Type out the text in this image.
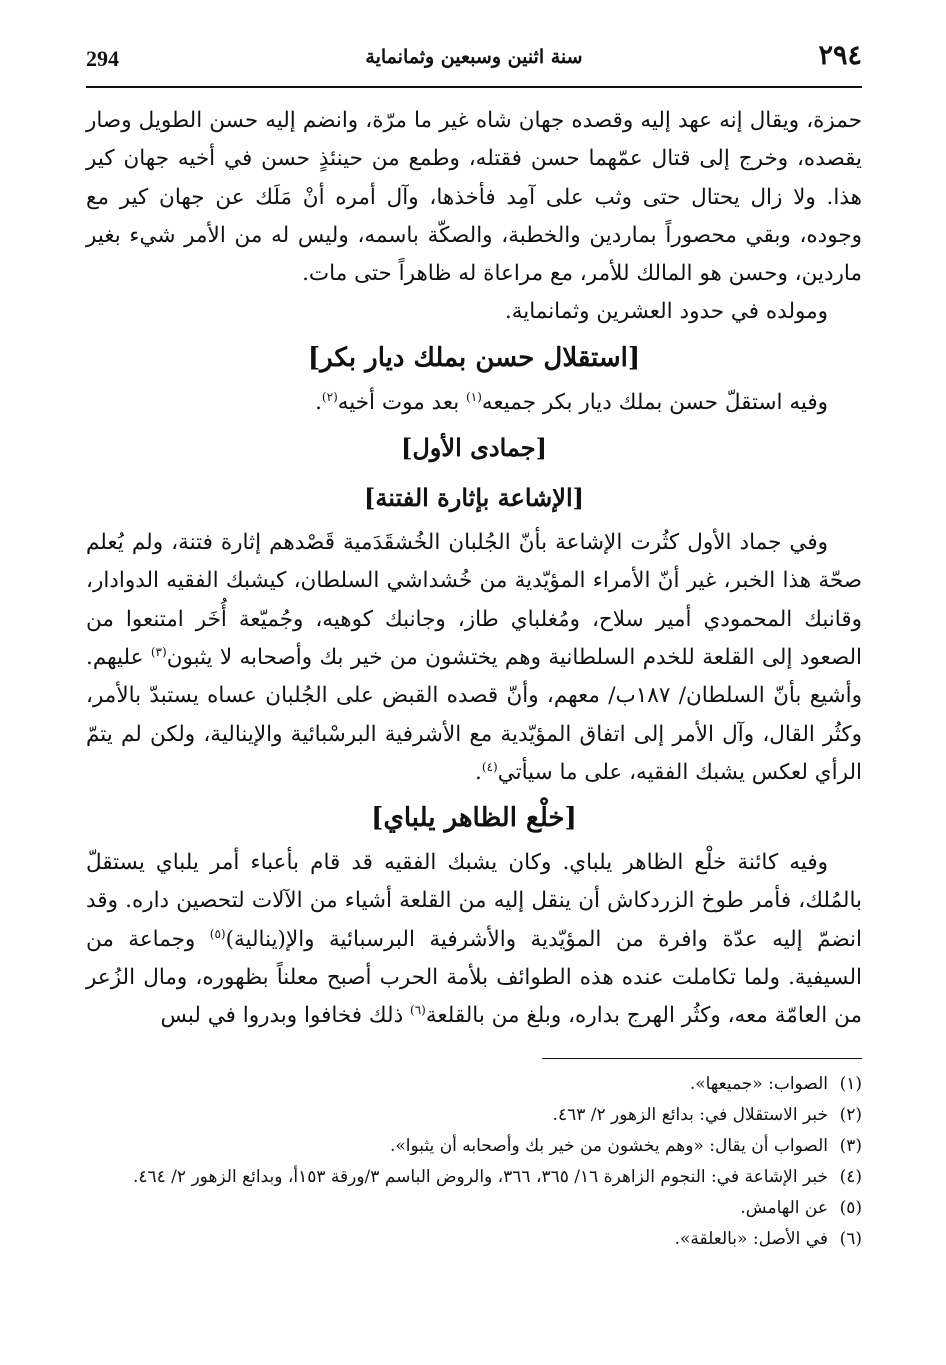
294	سنة اثنين وسبعين وثمانماية	٢٩٤

حمزة، ويقال إنه عهد إليه وقصده جهان شاه غير ما مرّة، وانضم إليه حسن الطويل وصار يقصده، وخرج إلى قتال عمّهما حسن فقتله، وطمع من حينئذٍ حسن في أخيه جهان كير هذا. ولا زال يحتال حتى وثب على آمِد فأخذها، وآل أمره أنْ مَلَك عن جهان كير مع وجوده، وبقي محصوراً بماردين والخطبة، والصكّة باسمه، وليس له من الأمر شيء بغير ماردين، وحسن هو المالك للأمر، مع مراعاة له ظاهراً حتى مات.

ومولده في حدود العشرين وثمانماية.

[استقلال حسن بملك ديار بكر]

وفيه استقلّ حسن بملك ديار بكر جميعه$^{(١)}$ بعد موت أخيه$^{(٢)}$.

[جمادى الأول]
[الإشاعة بإثارة الفتنة]

وفي جماد الأول كثُرت الإشاعة بأنّ الجُلبان الخُشقَدَمية قَصْدهم إثارة فتنة، ولم يُعلم صحّة هذا الخبر، غير أنّ الأمراء المؤيّدية من خُشداشي السلطان، كيشبك الفقيه الدوادار، وقانبك المحمودي أمير سلاح، ومُغلباي طاز، وجانبك كوهيه، وجُميّعة أُخَر امتنعوا من الصعود إلى القلعة للخدم السلطانية وهم يختشون من خير بك وأصحابه لا يثبون$^{(٣)}$ عليهم. وأشيع بأنّ السلطان/ ١٨٧ب/ معهم، وأنّ قصده القبض على الجُلبان عساه يستبدّ بالأمر، وكثُر القال، وآل الأمر إلى اتفاق المؤيّدية مع الأشرفية البرسْبائية والإينالية، ولكن لم يتمّ الرأي لعكس يشبك الفقيه، على ما سيأتي$^{(٤)}$.

[خلْع الظاهر يلباي]

وفيه كائنة خلْع الظاهر يلباي. وكان يشبك الفقيه قد قام بأعباء أمر يلباي يستقلّ بالمُلك، فأمر طوخ الزردكاش أن ينقل إليه من القلعة أشياء من الآلات لتحصين داره. وقد انضمّ إليه عدّة وافرة من المؤيّدية والأشرفية البرسبائية والإ(ينالية)$^{(٥)}$ وجماعة من السيفية. ولما تكاملت عنده هذه الطوائف بلأمة الحرب أصبح معلناً بظهوره، ومال الزُعر من العامّة معه، وكثُر الهرج بداره، وبلغ من بالقلعة$^{(٦)}$ ذلك فخافوا وبدروا في لبس

(١)
الصواب: «جميعها».
(٢)
خبر الاستقلال في: بدائع الزهور ٢/ ٤٦٣.
(٣)
الصواب أن يقال: «وهم يخشون من خير بك وأصحابه أن يثبوا».
(٤)
خبر الإشاعة في: النجوم الزاهرة ١٦/ ٣٦٥، ٣٦٦، والروض الباسم ٣/ورقة ١٥٣أ، وبدائع الزهور ٢/ ٤٦٤.
(٥)
عن الهامش.
(٦)
في الأصل: «بالعلقة».
